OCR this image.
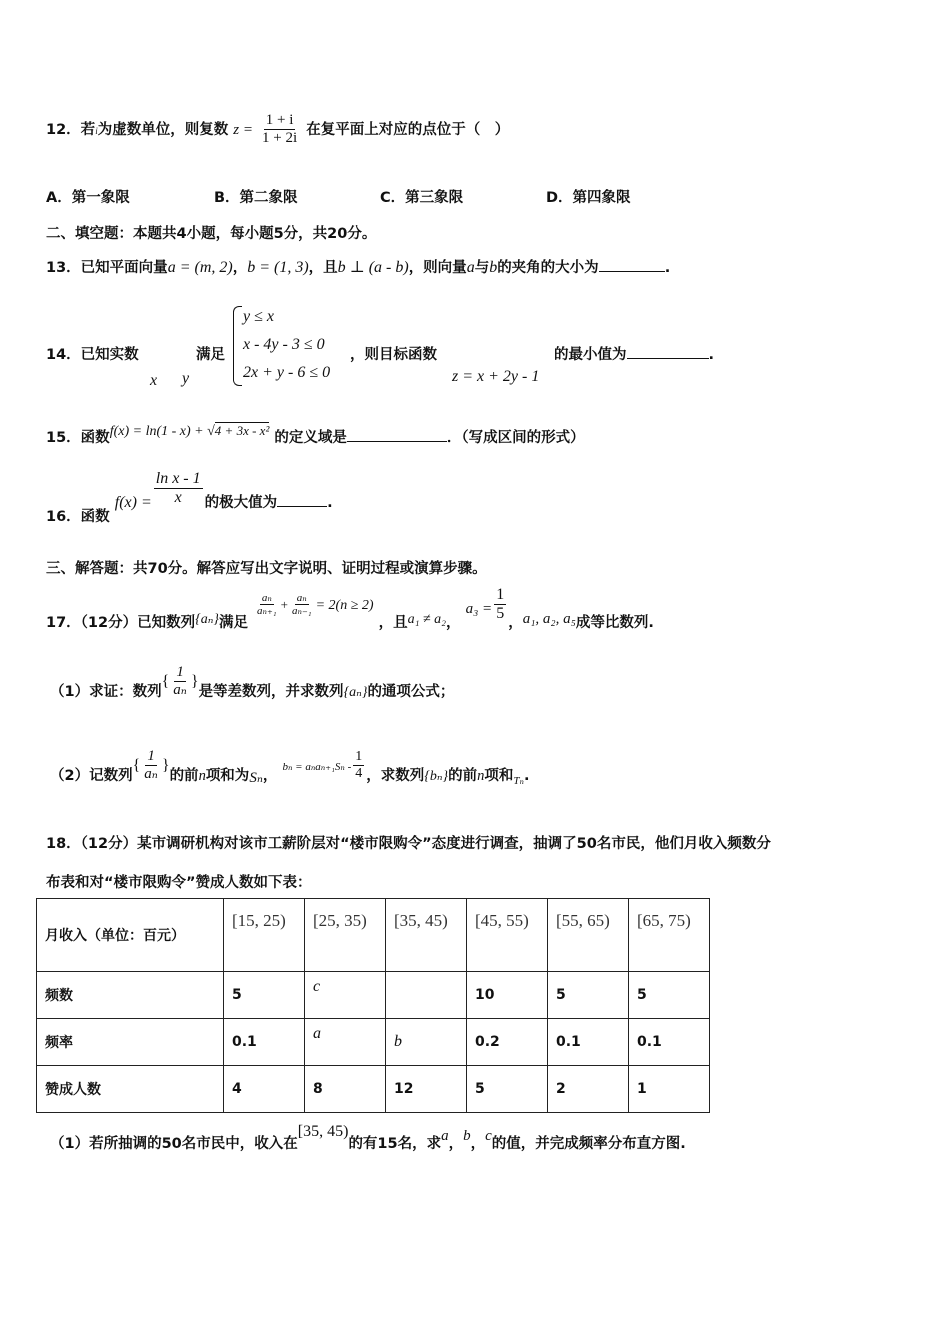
12．若i为虚数单位，则复数 $z = \frac{1 + i}{1 + 2i}$ 在复平面上对应的点位于（　）
A．第一象限	B．第二象限	C．第三象限	D．第四象限
二、填空题：本题共4小题，每小题5分，共20分。
13．已知平面向量a = (m, 2)，b = (1, 3)，且b ⊥ (a - b)，则向量a与b的夹角的大小为	.
14．已知实数	满足
x y
y ≤ x
x - 4y - 3 ≤ 0
2x + y - 6 ≤ 0
，则目标函数
z = x + 2y - 1
的最小值为	.
15．函数f(x) = ln(1 - x) + √4 + 3x - x² 的定义域是	．（写成区间的形式）
16．函数 $f(x) = \frac{\text{ln x - 1}}{x}$ 的极大值为	.
三、解答题：共70分。解答应写出文字说明、证明过程或演算步骤。
17．（12分）已知数列{aₙ}满足
$\frac{\text{aₙ}}{\text{aₙ₊₁}} + \frac{\text{aₙ}}{\text{aₙ₋₁}} = 2(n \ge 2)$ ，且a₁ ≠ a₂， $a_3 = \frac{1}{5}$ ，a₁, a₂, a₅成等比数列.
（1）求证：数列{ $\frac{1}{\text{aₙ}}$ }是等差数列，并求数列{aₙ}的通项公式；
（2）记数列{ $\frac{1}{\text{aₙ}}$ }的前n项和为Sₙ， $b_n = a_na_{n+1}S_n - \frac{1}{4}$ ，求数列{bₙ}的前n项和$_{T_n}$.
18．（12分）某市调研机构对该市工薪阶层对“楼市限购令”态度进行调查，抽调了50名市民，他们月收入频数分
布表和对“楼市限购令”赞成人数如下表：
月收入（单位：百元）	[15, 25)	[25, 35)	[35, 45)	[45, 55)	[55, 65)	[65, 75)
频数	5	c		10	5	5
频率	0.1	a	b	0.2	0.1	0.1
赞成人数	4	8	12	5	2	1
（1）若所抽调的50名市民中，收入在[35, 45)的有15名，求a，b，c的值，并完成频率分布直方图.
